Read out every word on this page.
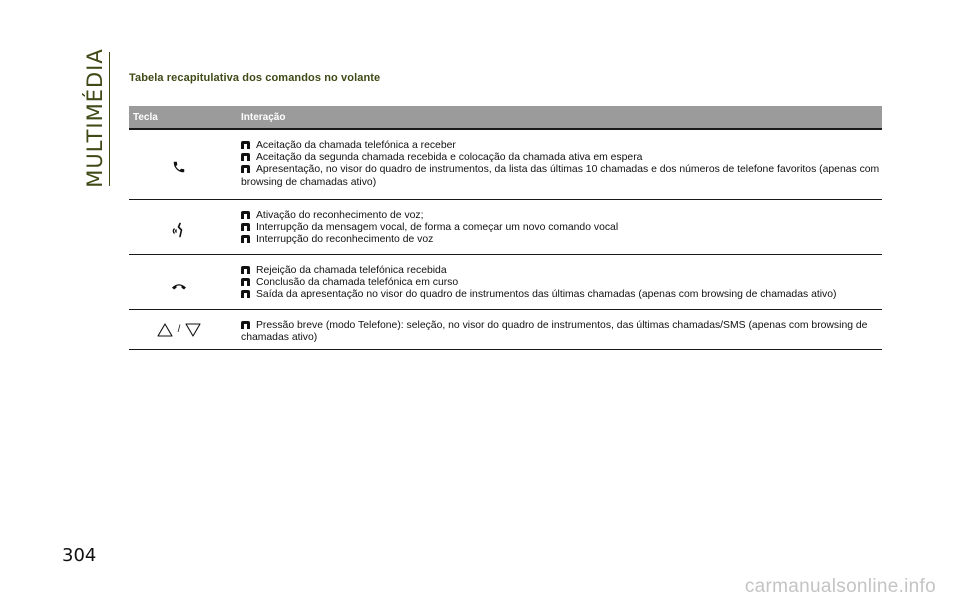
MULTIMÉDIA Tabela recapitulativa dos comandos no volante
Tecla	Interação
Aceitação da chamada telefónica a receber
Aceitação da segunda chamada recebida e colocação da chamada ativa em espera
Apresentação, no visor do quadro de instrumentos, da lista das últimas 10 chamadas e dos números de telefone favoritos (apenas com browsing de chamadas ativo)
Ativação do reconhecimento de voz;
Interrupção da mensagem vocal, de forma a começar um novo comando vocal
Interrupção do reconhecimento de voz
Rejeição da chamada telefónica recebida
Conclusão da chamada telefónica em curso
Saída da apresentação no visor do quadro de instrumentos das últimas chamadas (apenas com browsing de chamadas ativo)
/	Pressão breve (modo Telefone): seleção, no visor do quadro de instrumentos, das últimas chamadas/SMS (apenas com browsing de chamadas ativo)
304
carmanualsonline.info
